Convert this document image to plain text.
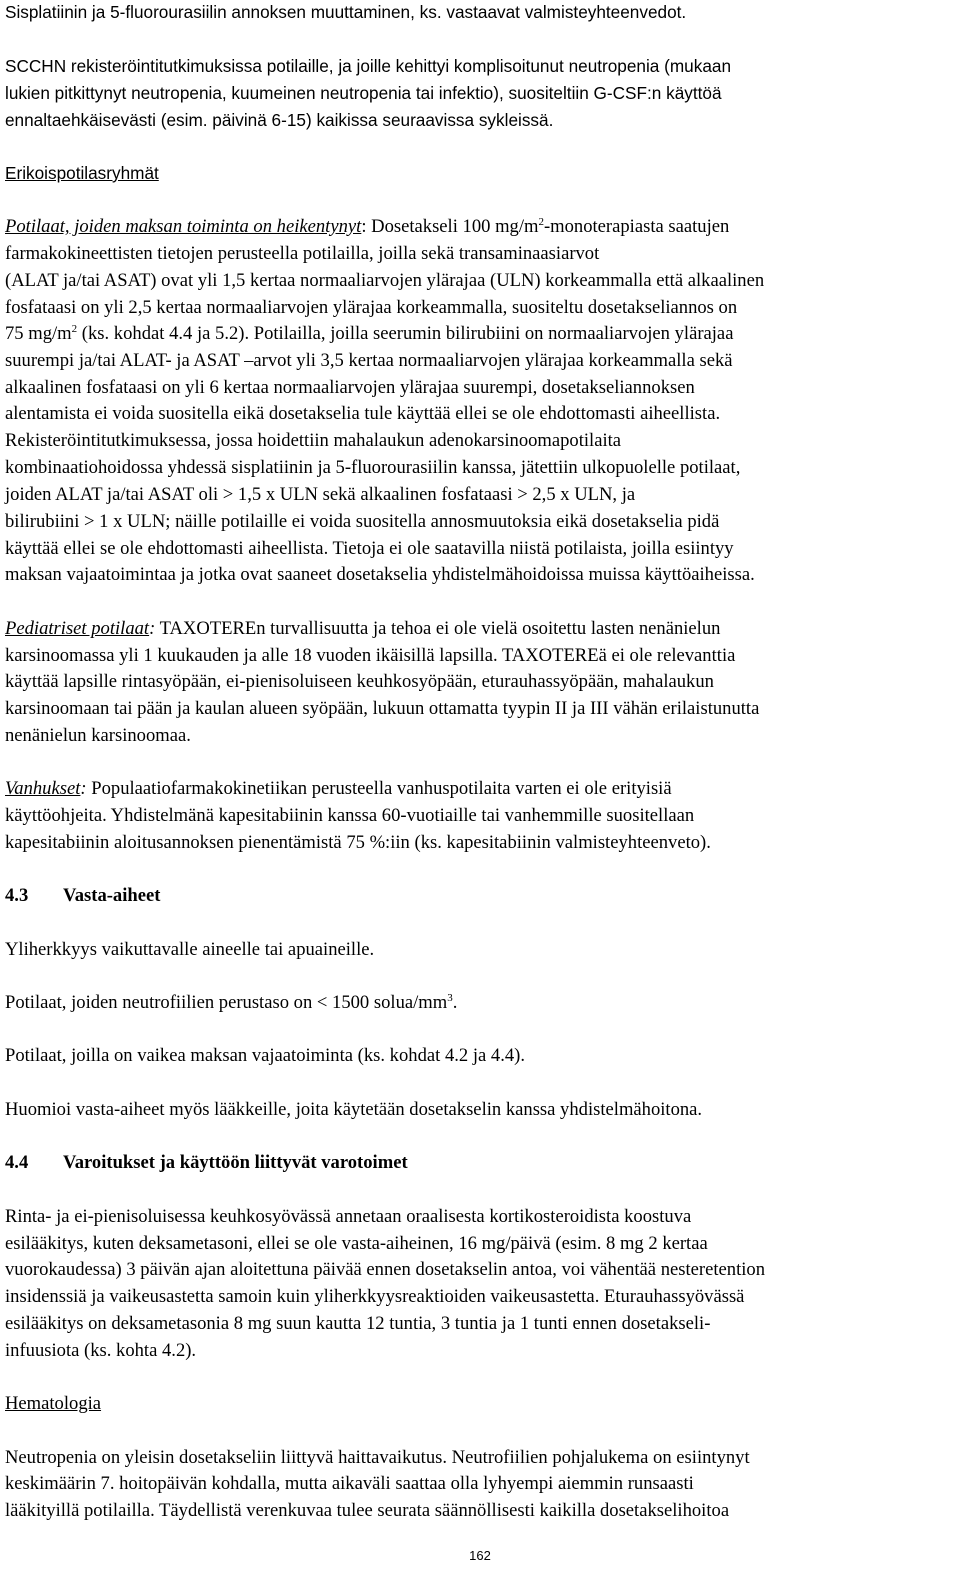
Sisplatiinin ja 5-fluorourasiilin annoksen muuttaminen, ks. vastaavat valmisteyhteenvedot.

SCCHN rekisteröintitutkimuksissa potilaille, ja joille kehittyi komplisoitunut neutropenia (mukaan

lukien pitkittynyt neutropenia, kuumeinen neutropenia tai infektio), suositeltiin G-CSF:n käyttöä

ennaltaehkäisevästi (esim. päivinä 6-15) kaikissa seuraavissa sykleissä.

Erikoispotilasryhmät

Potilaat, joiden maksan toiminta on heikentynyt: Dosetakseli 100 $mg/m^2$-monoterapiasta saatujen

farmakokineettisten tietojen perusteella potilailla, joilla sekä transaminaasiarvot

(ALAT ja/tai ASAT) ovat yli 1,5 kertaa normaaliarvojen ylärajaa (ULN) korkeammalla että alkaalinen

fosfataasi on yli 2,5 kertaa normaaliarvojen ylärajaa korkeammalla, suositeltu dosetakseliannos on

75 $mg/m^2$ (ks. kohdat 4.4 ja 5.2). Potilailla, joilla seerumin bilirubiini on normaaliarvojen ylärajaa

suurempi ja/tai ALAT- ja ASAT –arvot yli 3,5 kertaa normaaliarvojen ylärajaa korkeammalla sekä

alkaalinen fosfataasi on yli 6 kertaa normaaliarvojen ylärajaa suurempi, dosetakseliannoksen

alentamista ei voida suositella eikä dosetakselia tule käyttää ellei se ole ehdottomasti aiheellista.

Rekisteröintitutkimuksessa, jossa hoidettiin mahalaukun adenokarsinoomapotilaita

kombinaatiohoidossa yhdessä sisplatiinin ja 5-fluorourasiilin kanssa, jätettiin ulkopuolelle potilaat,

joiden ALAT ja/tai ASAT oli > 1,5 x ULN sekä alkaalinen fosfataasi > 2,5 x ULN, ja

bilirubiini > 1 x ULN; näille potilaille ei voida suositella annosmuutoksia eikä dosetakselia pidä

käyttää ellei se ole ehdottomasti aiheellista. Tietoja ei ole saatavilla niistä potilaista, joilla esiintyy

maksan vajaatoimintaa ja jotka ovat saaneet dosetakselia yhdistelmähoidoissa muissa käyttöaiheissa.

Pediatriset potilaat: TAXOTEREn turvallisuutta ja tehoa ei ole vielä osoitettu lasten nenänielun

karsinoomassa yli 1 kuukauden ja alle 18 vuoden ikäisillä lapsilla. TAXOTEREä ei ole relevanttia

käyttää lapsille rintasyöpään, ei-pienisoluiseen keuhkosyöpään, eturauhassyöpään, mahalaukun

karsinoomaan tai pään ja kaulan alueen syöpään, lukuun ottamatta tyypin II ja III vähän erilaistunutta

nenänielun karsinoomaa.

Vanhukset: Populaatiofarmakokinetiikan perusteella vanhuspotilaita varten ei ole erityisiä

käyttöohjeita. Yhdistelmänä kapesitabiinin kanssa 60-vuotiaille tai vanhemmille suositellaan

kapesitabiinin aloitusannoksen pienentämistä 75 %:iin (ks. kapesitabiinin valmisteyhteenveto).

4.3 Vasta-aiheet

Yliherkkyys vaikuttavalle aineelle tai apuaineille.

Potilaat, joiden neutrofiilien perustaso on < 1500 solua/$mm^3$.

Potilaat, joilla on vaikea maksan vajaatoiminta (ks. kohdat 4.2 ja 4.4).

Huomioi vasta-aiheet myös lääkkeille, joita käytetään dosetakselin kanssa yhdistelmähoitona.

4.4 Varoitukset ja käyttöön liittyvät varotoimet

Rinta- ja ei-pienisoluisessa keuhkosyövässä annetaan oraalisesta kortikosteroidista koostuva

esilääkitys, kuten deksametasoni, ellei se ole vasta-aiheinen, 16 mg/päivä (esim. 8 mg 2 kertaa

vuorokaudessa) 3 päivän ajan aloitettuna päivää ennen dosetakselin antoa, voi vähentää nesteretention

insidenssiä ja vaikeusastetta samoin kuin yliherkkyysreaktioiden vaikeusastetta. Eturauhassyövässä

esilääkitys on deksametasonia 8 mg suun kautta 12 tuntia, 3 tuntia ja 1 tunti ennen dosetakseli-

infuusiota (ks. kohta 4.2).

Hematologia

Neutropenia on yleisin dosetakseliin liittyvä haittavaikutus. Neutrofiilien pohjalukema on esiintynyt

keskimäärin 7. hoitopäivän kohdalla, mutta aikaväli saattaa olla lyhyempi aiemmin runsaasti

lääkityillä potilailla. Täydellistä verenkuvaa tulee seurata säännöllisesti kaikilla dosetakselihoitoa

162
